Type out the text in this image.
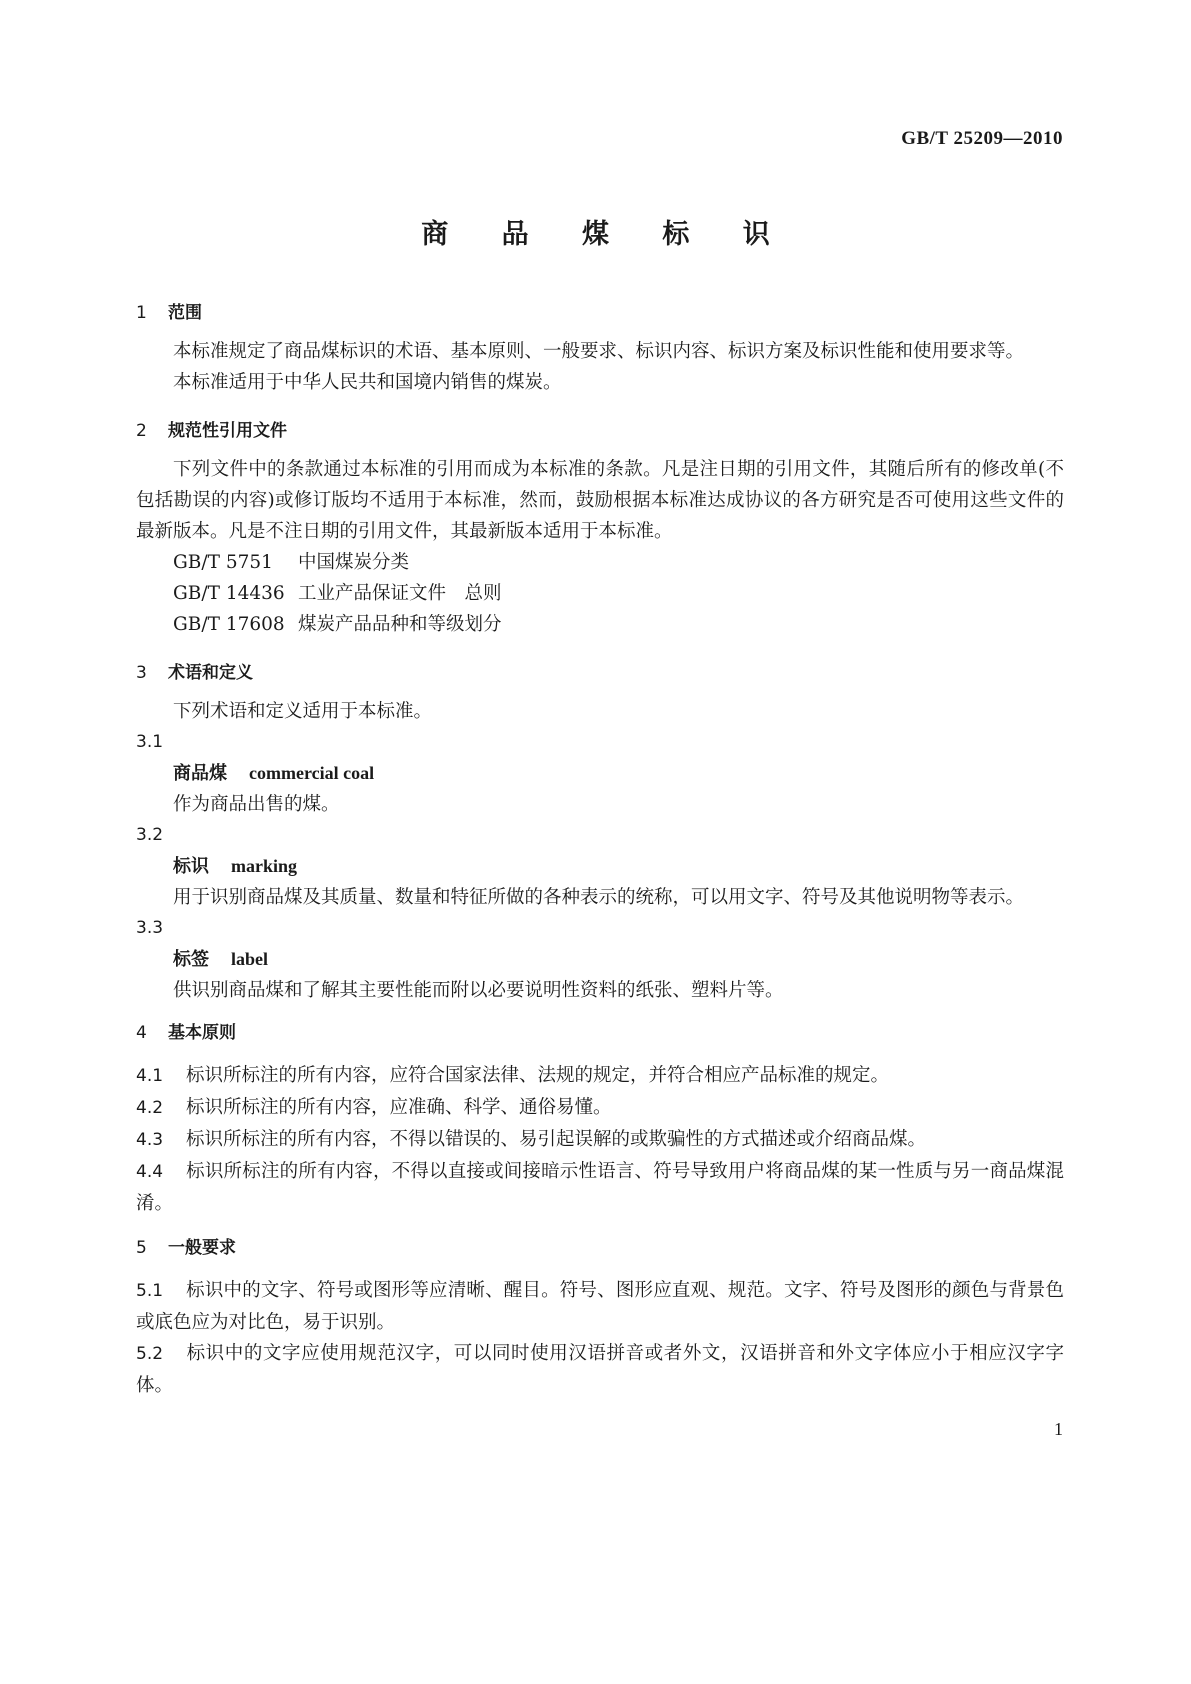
GB/T 25209—2010
商 品 煤 标 识
1 范围

本标准规定了商品煤标识的术语、基本原则、一般要求、标识内容、标识方案及标识性能和使用要求等。

本标准适用于中华人民共和国境内销售的煤炭。

2 规范性引用文件

下列文件中的条款通过本标准的引用而成为本标准的条款。凡是注日期的引用文件，其随后所有的修改单(不包括勘误的内容)或修订版均不适用于本标准，然而，鼓励根据本标准达成协议的各方研究是否可使用这些文件的最新版本。凡是不注日期的引用文件，其最新版本适用于本标准。

GB/T 5751 中国煤炭分类

GB/T 14436 工业产品保证文件　总则

GB/T 17608 煤炭产品品种和等级划分

3 术语和定义

下列术语和定义适用于本标准。

3.1

商品煤 commercial coal

作为商品出售的煤。

3.2

标识 marking

用于识别商品煤及其质量、数量和特征所做的各种表示的统称，可以用文字、符号及其他说明物等表示。

3.3

标签 label

供识别商品煤和了解其主要性能而附以必要说明性资料的纸张、塑料片等。

4 基本原则

4.1 标识所标注的所有内容，应符合国家法律、法规的规定，并符合相应产品标准的规定。

4.2 标识所标注的所有内容，应准确、科学、通俗易懂。

4.3 标识所标注的所有内容，不得以错误的、易引起误解的或欺骗性的方式描述或介绍商品煤。

4.4 标识所标注的所有内容，不得以直接或间接暗示性语言、符号导致用户将商品煤的某一性质与另一商品煤混淆。

5 一般要求

5.1 标识中的文字、符号或图形等应清晰、醒目。符号、图形应直观、规范。文字、符号及图形的颜色与背景色或底色应为对比色，易于识别。

5.2 标识中的文字应使用规范汉字，可以同时使用汉语拼音或者外文，汉语拼音和外文字体应小于相应汉字字体。

1
